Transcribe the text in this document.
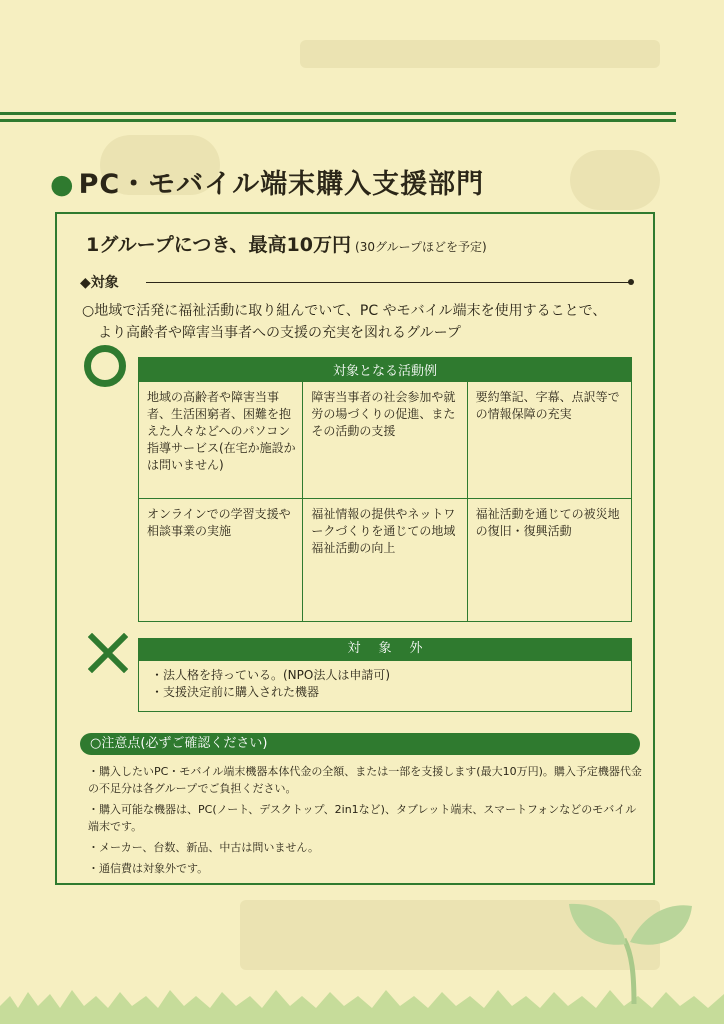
● PC・モバイル端末購入支援部門
1グループにつき、最高10万円 (30グループほどを予定)
◆対象
○地域で活発に福祉活動に取り組んでいて、PC やモバイル端末を使用することで、
より高齢者や障害当事者への支援の充実を図れるグループ
対象となる活動例		
地域の高齢者や障害当事者、生活困窮者、困難を抱えた人々などへのパソコン指導サービス(在宅か施設かは問いません)	障害当事者の社会参加や就労の場づくりの促進、またその活動の支援	要約筆記、字幕、点訳等での情報保障の充実
オンラインでの学習支援や相談事業の実施	福祉情報の提供やネットワークづくりを通じての地域福祉活動の向上	福祉活動を通じての被災地の復旧・復興活動
対象外
・法人格を持っている。(NPO法人は申請可)
・支援決定前に購入された機器
○注意点(必ずご確認ください)
・購入したいPC・モバイル端末機器本体代金の全額、または一部を支援します(最大10万円)。購入予定機器代金の不足分は各グループでご負担ください。
・購入可能な機器は、PC(ノート、デスクトップ、2in1など)、タブレット端末、スマートフォンなどのモバイル端末です。
・メーカー、台数、新品、中古は問いません。
・通信費は対象外です。
